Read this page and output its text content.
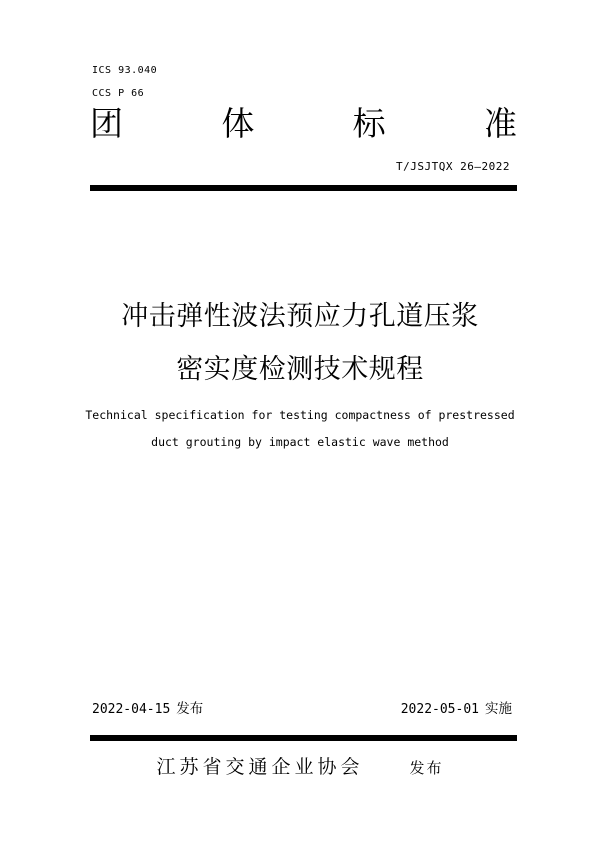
ICS 93.040
CCS P 66
团	体	标	准
T/JSJTQX 26—2022
冲击弹性波法预应力孔道压浆
密实度检测技术规程
Technical specification for testing compactness of prestressed
duct grouting by impact elastic wave method
2022-04-15 发布	2022-05-01 实施
江苏省交通企业协会	发布
